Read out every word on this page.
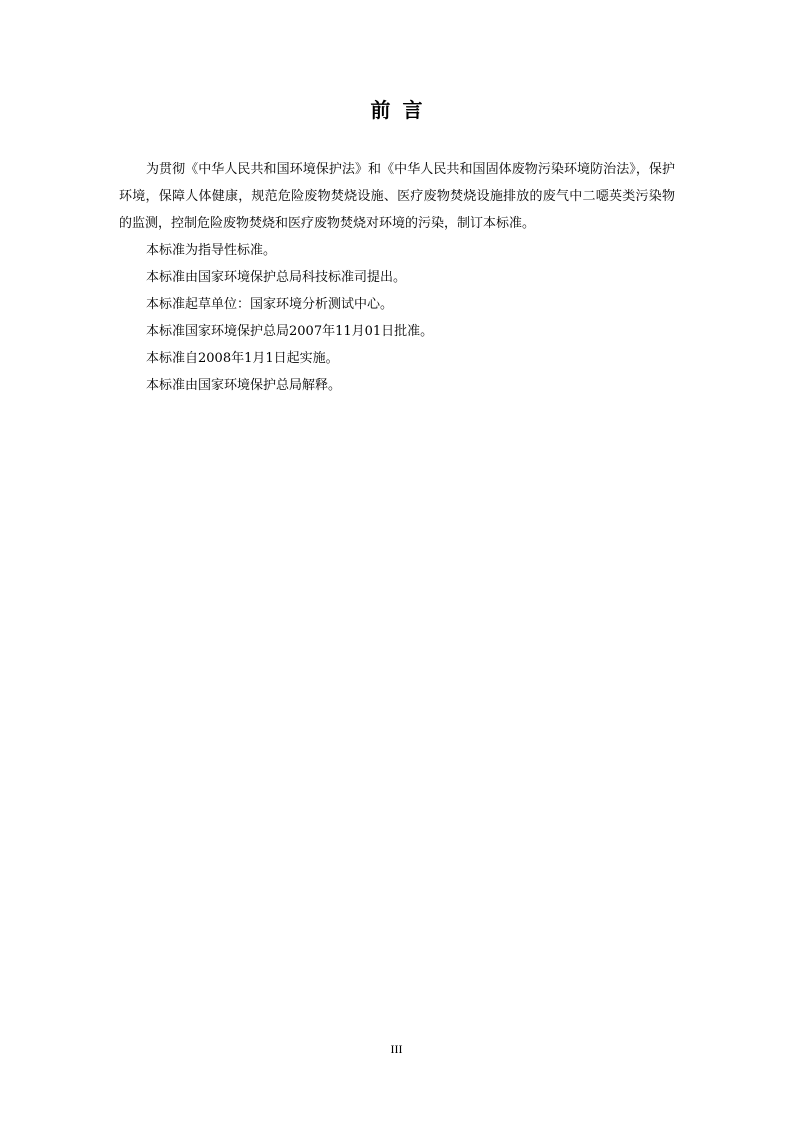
前言

为贯彻《中华人民共和国环境保护法》和《中华人民共和国固体废物污染环境防治法》，保护环境，保障人体健康，规范危险废物焚烧设施、医疗废物焚烧设施排放的废气中二噁英类污染物的监测，控制危险废物焚烧和医疗废物焚烧对环境的污染，制订本标准。

本标准为指导性标准。

本标准由国家环境保护总局科技标准司提出。

本标准起草单位：国家环境分析测试中心。

本标准国家环境保护总局2007年11月01日批准。

本标准自2008年1月1日起实施。

本标准由国家环境保护总局解释。

III
